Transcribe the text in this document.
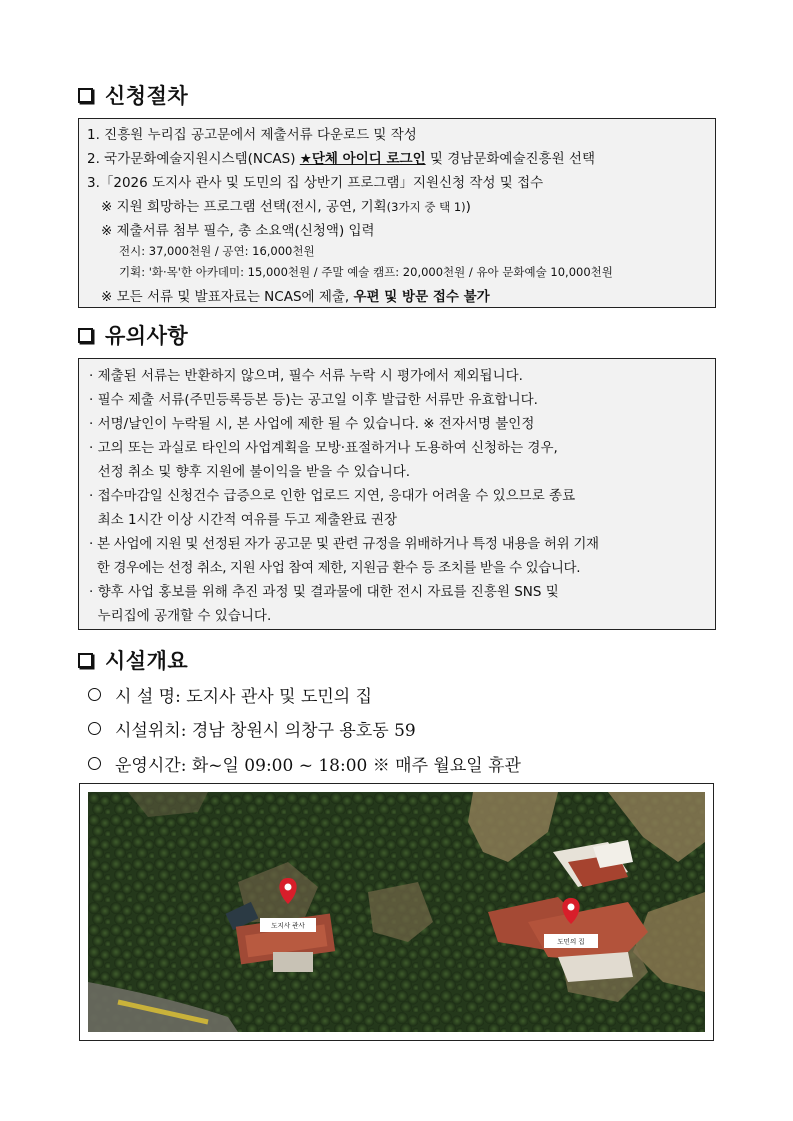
신청절차
1. 진흥원 누리집 공고문에서 제출서류 다운로드 및 작성
2. 국가문화예술지원시스템(NCAS) ★단체 아이디 로그인 및 경남문화예술진흥원 선택
3.「2026 도지사 관사 및 도민의 집 상반기 프로그램」지원신청 작성 및 접수
※ 지원 희망하는 프로그램 선택(전시, 공연, 기획(3가지 중 택 1))
※ 제출서류 첨부 필수, 총 소요액(신청액) 입력
전시: 37,000천원 / 공연: 16,000천원
기획: '화·목'한 아카데미: 15,000천원 / 주말 예술 캠프: 20,000천원 / 유아 문화예술 10,000천원
※ 모든 서류 및 발표자료는 NCAS에 제출, 우편 및 방문 접수 불가
유의사항
· 제출된 서류는 반환하지 않으며, 필수 서류 누락 시 평가에서 제외됩니다.
· 필수 제출 서류(주민등록등본 등)는 공고일 이후 발급한 서류만 유효합니다.
· 서명/날인이 누락될 시, 본 사업에 제한 될 수 있습니다. ※ 전자서명 불인정
· 고의 또는 과실로 타인의 사업계획을 모방·표절하거나 도용하여 신청하는 경우,
선정 취소 및 향후 지원에 불이익을 받을 수 있습니다.
· 접수마감일 신청건수 급증으로 인한 업로드 지연, 응대가 어려울 수 있으므로 종료
최소 1시간 이상 시간적 여유를 두고 제출완료 권장
· 본 사업에 지원 및 선정된 자가 공고문 및 관련 규정을 위배하거나 특정 내용을 허위 기재
한 경우에는 선정 취소, 지원 사업 참여 제한, 지원금 환수 등 조치를 받을 수 있습니다.
· 향후 사업 홍보를 위해 추진 과정 및 결과물에 대한 전시 자료를 진흥원 SNS 및
누리집에 공개할 수 있습니다.
시설개요
시 설 명: 도지사 관사 및 도민의 집
시설위치: 경남 창원시 의창구 용호동 59
운영시간: 화~일 09:00 ~ 18:00 ※ 매주 월요일 휴관
도지사 관사
도민의 집
